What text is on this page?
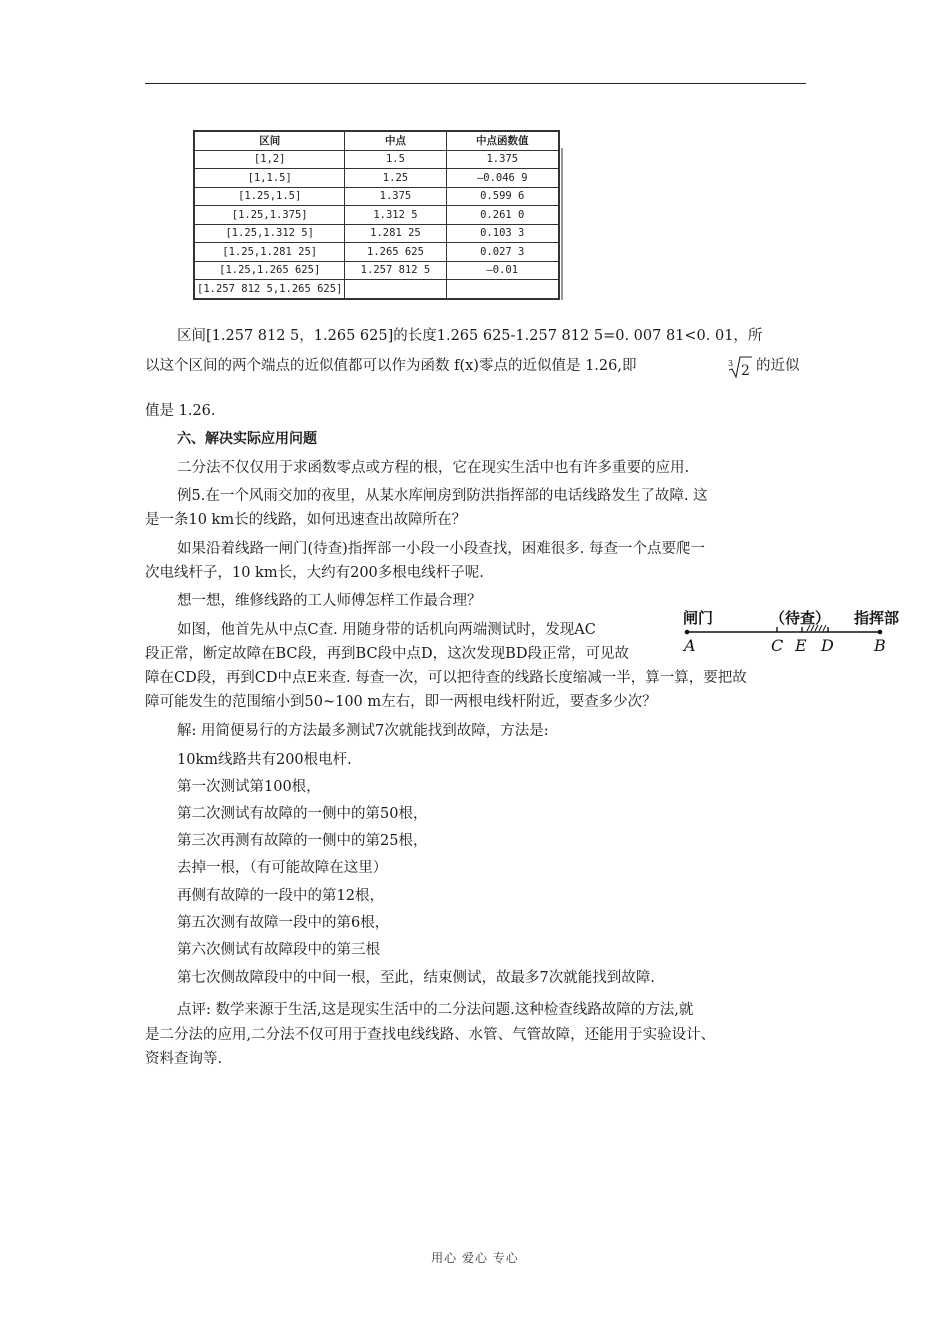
区间	中点	中点函数值
[1,2]	1.5	1.375
[1,1.5]	1.25	—0.046 9
[1.25,1.5]	1.375	0.599 6
[1.25,1.375]	1.312 5	0.261 0
[1.25,1.312 5]	1.281 25	0.103 3
[1.25,1.281 25]	1.265 625	0.027 3
[1.25,1.265 625]	1.257 812 5	—0.01
[1.257 812 5,1.265 625]		
区间[1.257 812 5，1.265 625]的长度1.265 625-1.257 812 5=0. 007 81<0. 01，所
以这个区间的两个端点的近似值都可以作为函数 f(x)零点的近似值是 1.26,即	3 2 的近似
值是 1.26.
六、解决实际应用问题
二分法不仅仅用于求函数零点或方程的根，它在现实生活中也有许多重要的应用.
例5.在一个风雨交加的夜里，从某水库闸房到防洪指挥部的电话线路发生了故障. 这
是一条10 km长的线路，如何迅速查出故障所在？
如果沿着线路一闸门(待查)指挥部一小段一小段查找，困难很多. 每查一个点要爬一
次电线杆子，10 km长，大约有200多根电线杆子呢.
想一想，维修线路的工人师傅怎样工作最合理？
如图，他首先从中点C查. 用随身带的话机向两端测试时，发现AC
段正常，断定故障在BC段，再到BC段中点D，这次发现BD段正常，可见故
障在CD段，再到CD中点E来查. 每查一次，可以把待查的线路长度缩减一半，算一算，要把故
障可能发生的范围缩小到50~100 m左右，即一两根电线杆附近，要查多少次？
闸门	（待查） 指挥部
A	C E D	B
解: 用简便易行的方法最多测试7次就能找到故障，方法是:
10km线路共有200根电杆.
第一次测试第100根，
第二次测试有故障的一侧中的第50根，
第三次再测有故障的一侧中的第25根，
去掉一根，（有可能故障在这里）
再侧有故障的一段中的第12根，
第五次测有故障一段中的第6根，
第六次侧试有故障段中的第三根
第七次侧故障段中的中间一根，至此，结束侧试，故最多7次就能找到故障.
点评: 数学来源于生活,这是现实生活中的二分法问题.这种检查线路故障的方法,就
是二分法的应用,二分法不仅可用于查找电线线路、水管、气管故障，还能用于实验设计、
资料查询等.
用心 爱心 专心
